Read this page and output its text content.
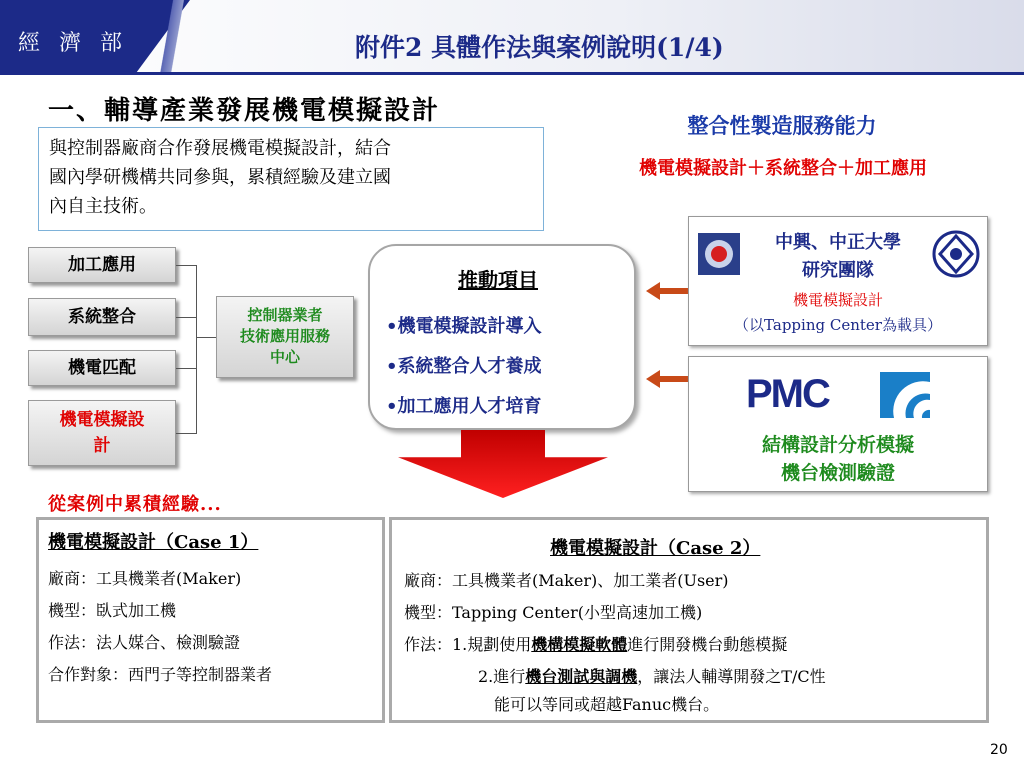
經 濟 部	附件2 具體作法與案例說明(1/4)
一、輔導產業發展機電模擬設計
與控制器廠商合作發展機電模擬設計，結合
國內學研機構共同參與，累積經驗及建立國
內自主技術。
整合性製造服務能力
機電模擬設計＋系統整合＋加工應用
加工應用
系統整合
機電匹配
機電模擬設
計
控制器業者
技術應用服務
中心
推動項目
•機電模擬設計導入
•系統整合人才養成
•加工應用人才培育
中興、中正大學
研究團隊
機電模擬設計
（以Tapping Center為載具）
PMC
結構設計分析模擬
機台檢測驗證
從案例中累積經驗...
機電模擬設計（Case 1）
廠商：工具機業者(Maker)
機型：臥式加工機
作法：法人媒合、檢測驗證
合作對象：西門子等控制器業者
機電模擬設計（Case 2）
廠商：工具機業者(Maker)、加工業者(User)
機型：Tapping Center(小型高速加工機)
作法：1.規劃使用機構模擬軟體進行開發機台動態模擬
2.進行機台測試與調機，讓法人輔導開發之T/C性
能可以等同或超越Fanuc機台。
20
